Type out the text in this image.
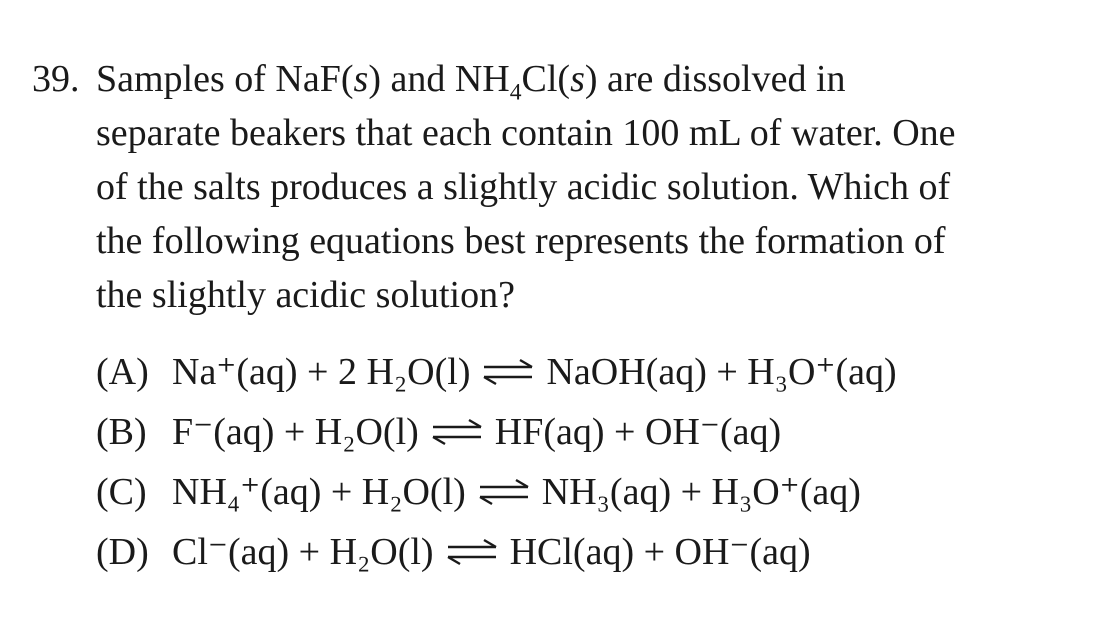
39. Samples of NaF(s) and $NH_4Cl(s)$ are dissolved in
separate beakers that each contain 100 mL of water. One
of the salts produces a slightly acidic solution. Which of
the following equations best represents the formation of
the slightly acidic solution?
(A) Na⁺(aq) + 2 H₂O(l) ⇌ NaOH(aq) + H₃O⁺(aq)
(B) F⁻(aq) + H₂O(l) ⇌ HF(aq) + OH⁻(aq)
(C) NH₄⁺(aq) + H₂O(l) ⇌ NH₃(aq) + H₃O⁺(aq)
(D) Cl⁻(aq) + H₂O(l) ⇌ HCl(aq) + OH⁻(aq)
